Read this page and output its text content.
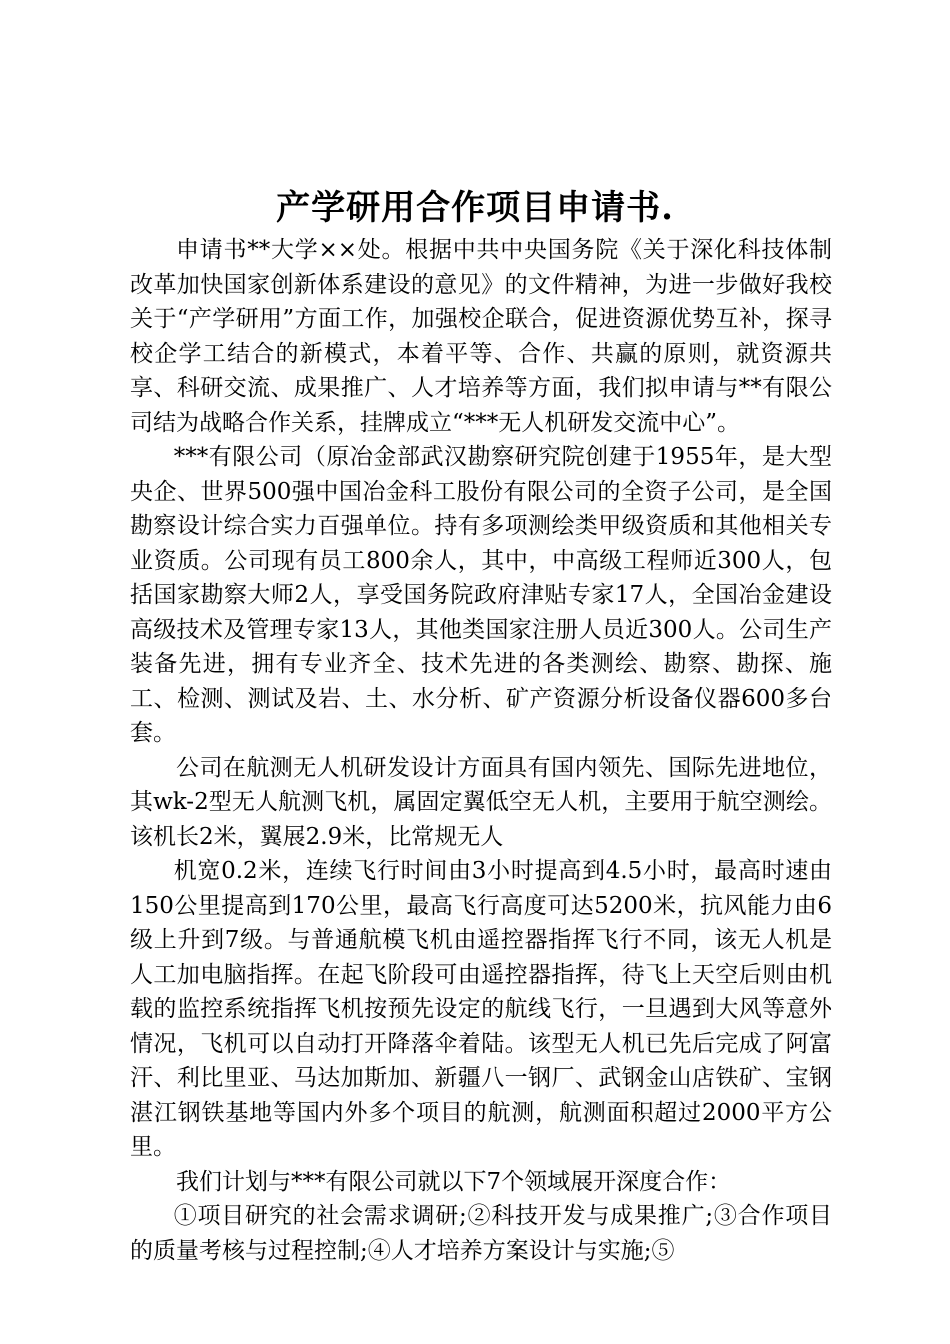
产学研用合作项目申请书.

申请书**大学××处。根据中共中央国务院《关于深化科技体制改革加快国家创新体系建设的意见》的文件精神，为进一步做好我校关于“产学研用”方面工作，加强校企联合，促进资源优势互补，探寻校企学工结合的新模式，本着平等、合作、共赢的原则，就资源共享、科研交流、成果推广、人才培养等方面，我们拟申请与**有限公司结为战略合作关系，挂牌成立“***无人机研发交流中心”。

***有限公司（原冶金部武汉勘察研究院创建于1955年，是大型央企、世界500强中国冶金科工股份有限公司的全资子公司，是全国勘察设计综合实力百强单位。持有多项测绘类甲级资质和其他相关专业资质。公司现有员工800余人，其中，中高级工程师近300人，包括国家勘察大师2人，享受国务院政府津贴专家17人，全国冶金建设高级技术及管理专家13人，其他类国家注册人员近300人。公司生产装备先进，拥有专业齐全、技术先进的各类测绘、勘察、勘探、施工、检测、测试及岩、土、水分析、矿产资源分析设备仪器600多台套。

公司在航测无人机研发设计方面具有国内领先、国际先进地位，其wk-2型无人航测飞机，属固定翼低空无人机，主要用于航空测绘。该机长2米，翼展2.9米，比常规无人

机宽0.2米，连续飞行时间由3小时提高到4.5小时，最高时速由150公里提高到170公里，最高飞行高度可达5200米，抗风能力由6级上升到7级。与普通航模飞机由遥控器指挥飞行不同，该无人机是人工加电脑指挥。在起飞阶段可由遥控器指挥，待飞上天空后则由机载的监控系统指挥飞机按预先设定的航线飞行，一旦遇到大风等意外情况，飞机可以自动打开降落伞着陆。该型无人机已先后完成了阿富汗、利比里亚、马达加斯加、新疆八一钢厂、武钢金山店铁矿、宝钢湛江钢铁基地等国内外多个项目的航测，航测面积超过2000平方公里。

我们计划与***有限公司就以下7个领域展开深度合作：

①项目研究的社会需求调研;②科技开发与成果推广;③合作项目的质量考核与过程控制;④人才培养方案设计与实施;⑤
